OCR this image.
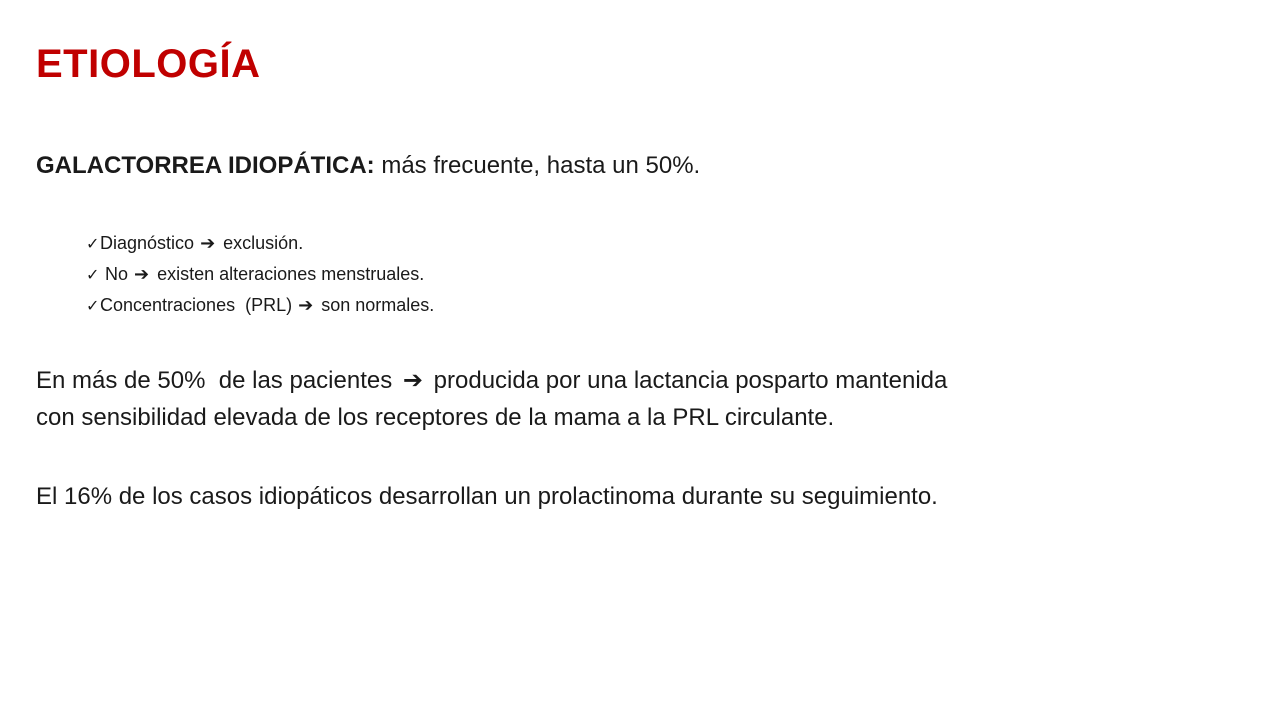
ETIOLOGÍA

GALACTORREA IDIOPÁTICA: más frecuente, hasta un 50%.

✓ Diagnóstico ➔ exclusión.
✓ No ➔ existen alteraciones menstruales.
✓ Concentraciones  (PRL) ➔ son normales.

En más de 50%  de las pacientes ➔ producida por una lactancia posparto mantenida
con sensibilidad elevada de los receptores de la mama a la PRL circulante.

El 16% de los casos idiopáticos desarrollan un prolactinoma durante su seguimiento.
